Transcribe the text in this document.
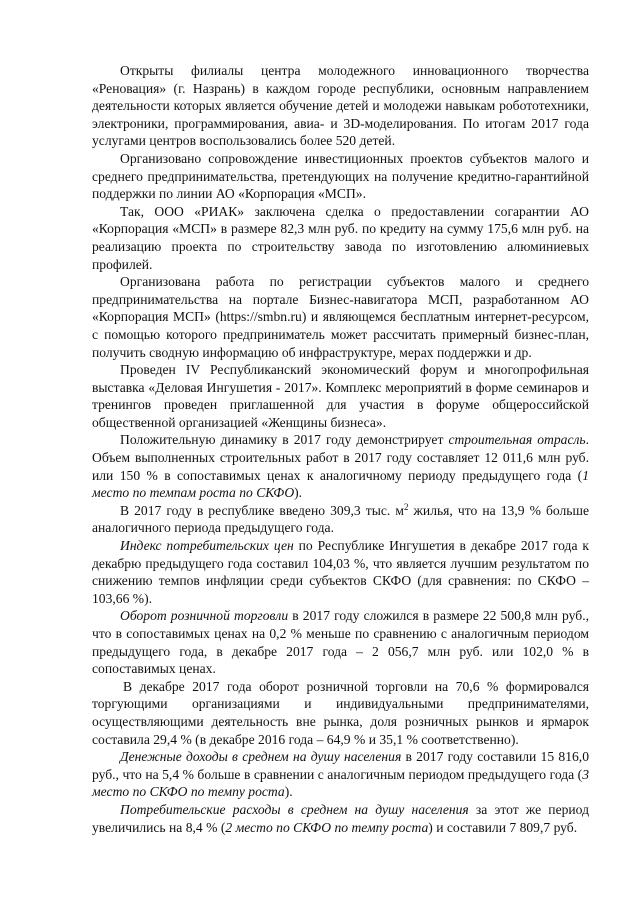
Открыты филиалы центра молодежного инновационного творчества «Реновация» (г. Назрань) в каждом городе республики, основным направлением деятельности которых является обучение детей и молодежи навыкам робототехники, электроники, программирования, авиа- и 3D-моделирования. По итогам 2017 года услугами центров воспользовались более 520 детей.

Организовано сопровождение инвестиционных проектов субъектов малого и среднего предпринимательства, претендующих на получение кредитно-гарантийной поддержки по линии АО «Корпорация «МСП».

Так, ООО «РИАК» заключена сделка о предоставлении согарантии АО «Корпорация «МСП» в размере 82,3 млн руб. по кредиту на сумму 175,6 млн руб. на реализацию проекта по строительству завода по изготовлению алюминиевых профилей.

Организована работа по регистрации субъектов малого и среднего предпринимательства на портале Бизнес-навигатора МСП, разработанном АО «Корпорация МСП» (https://smbn.ru) и являющемся бесплатным интернет-ресурсом, с помощью которого предприниматель может рассчитать примерный бизнес-план, получить сводную информацию об инфраструктуре, мерах поддержки и др.

Проведен IV Республиканский экономический форум и многопрофильная выставка «Деловая Ингушетия - 2017». Комплекс мероприятий в форме семинаров и тренингов проведен приглашенной для участия в форуме общероссийской общественной организацией «Женщины бизнеса».

Положительную динамику в 2017 году демонстрирует строительная отрасль. Объем выполненных строительных работ в 2017 году составляет 12 011,6 млн руб. или 150 % в сопоставимых ценах к аналогичному периоду предыдущего года (1 место по темпам роста по СКФО).

В 2017 году в республике введено 309,3 тыс. $м^2$ жилья, что на 13,9 % больше аналогичного периода предыдущего года.

Индекс потребительских цен по Республике Ингушетия в декабре 2017 года к декабрю предыдущего года составил 104,03 %, что является лучшим результатом по снижению темпов инфляции среди субъектов СКФО (для сравнения: по СКФО – 103,66 %).

Оборот розничной торговли в 2017 году сложился в размере 22 500,8 млн руб., что в сопоставимых ценах на 0,2 % меньше по сравнению с аналогичным периодом предыдущего года, в декабре 2017 года – 2 056,7 млн руб. или 102,0 % в сопоставимых ценах.

В декабре 2017 года оборот розничной торговли на 70,6 % формировался торгующими организациями и индивидуальными предпринимателями, осуществляющими деятельность вне рынка, доля розничных рынков и ярмарок составила 29,4 % (в декабре 2016 года – 64,9 % и 35,1 % соответственно).

Денежные доходы в среднем на душу населения в 2017 году составили 15 816,0 руб., что на 5,4 % больше в сравнении с аналогичным периодом предыдущего года (3 место по СКФО по темпу роста).

Потребительские расходы в среднем на душу населения за этот же период увеличились на 8,4 % (2 место по СКФО по темпу роста) и составили 7 809,7 руб.
